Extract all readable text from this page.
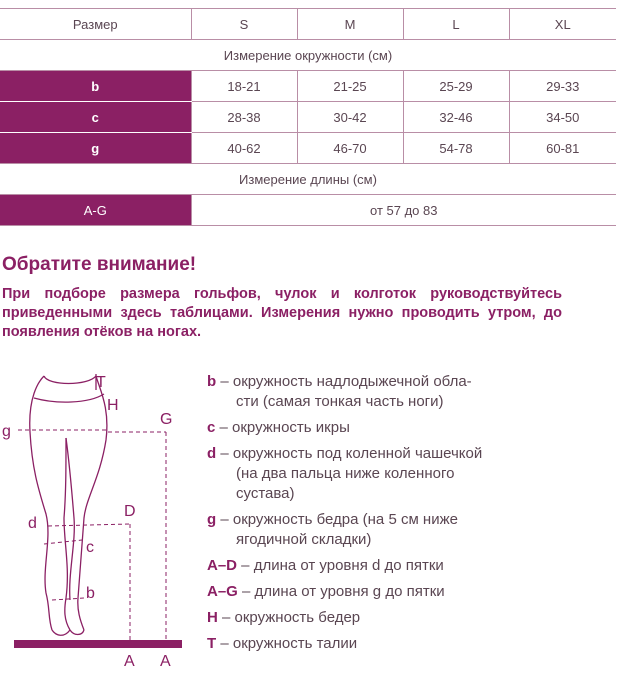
Размер	S	M	L	XL
Измерение окружности (см)				
b	18-21	21-25	25-29	29-33
c	28-38	30-42	32-46	34-50
g	40-62	46-70	54-78	60-81
Измерение длины (см)				
A-G	от 57 до 83			
Обратите внимание!

При подборе размера гольфов, чулок и колготок руководствуйтесь приведенными здесь таблицами. Измерения нужно проводить утром, до появления отёков на ногах.

T
H
g
G
d
D
c
b
A A
b – окружность надлодыжечной обла-
сти (самая тонкая часть ноги)
c – окружность икры
d – окружность под коленной чашечкой
(на два пальца ниже коленного
сустава)
g – окружность бедра (на 5 см ниже
ягодичной складки)
A–D – длина от уровня d до пятки
A–G – длина от уровня g до пятки
H – окружность бедер
T – окружность талии
